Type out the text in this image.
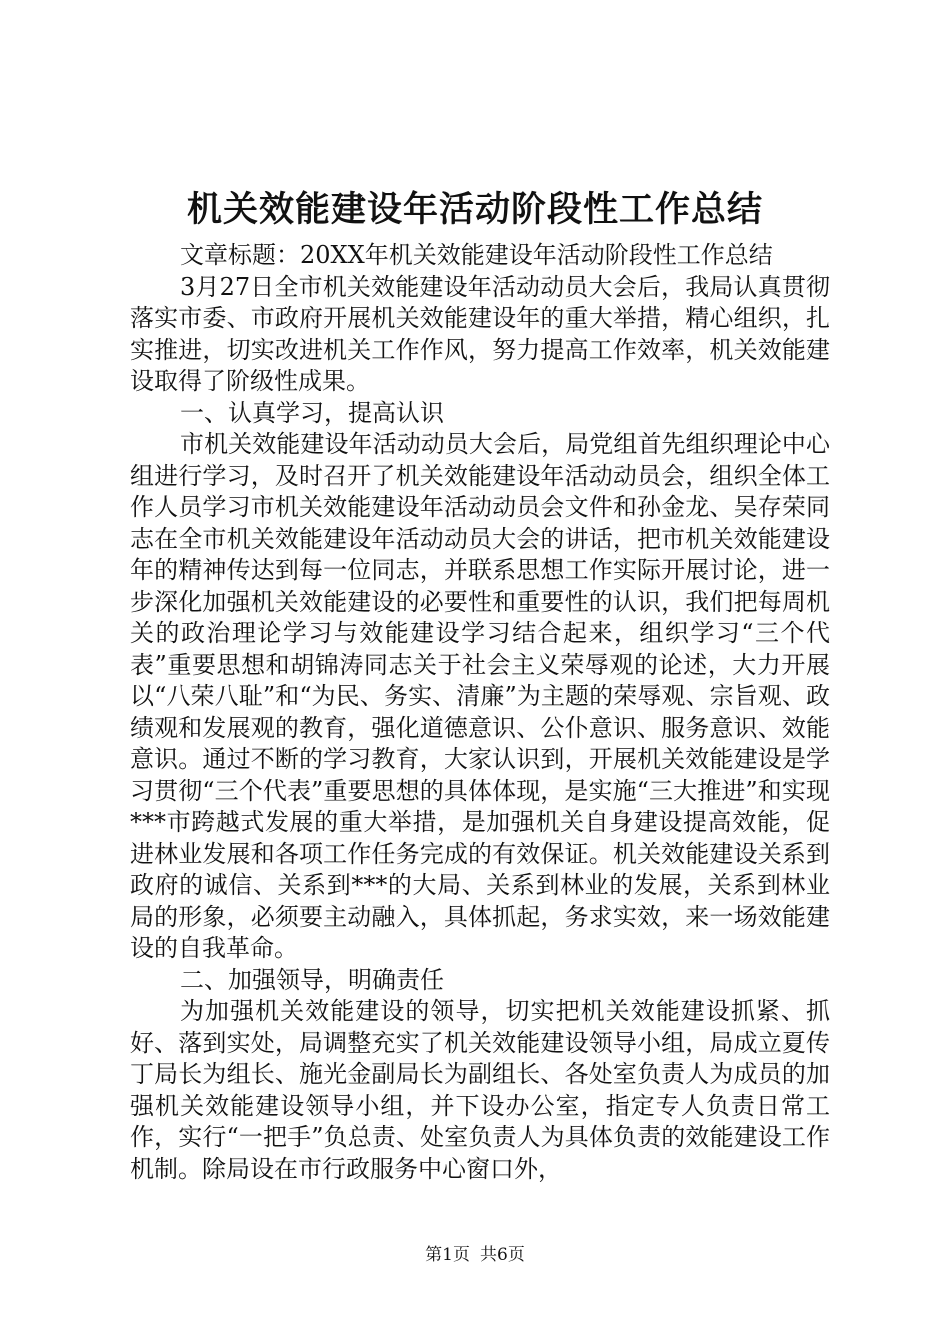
机关效能建设年活动阶段性工作总结

文章标题：20XX年机关效能建设年活动阶段性工作总结

3月27日全市机关效能建设年活动动员大会后，我局认真贯彻落实市委、市政府开展机关效能建设年的重大举措，精心组织，扎实推进，切实改进机关工作作风，努力提高工作效率，机关效能建设取得了阶级性成果。

一、认真学习，提高认识

市机关效能建设年活动动员大会后，局党组首先组织理论中心组进行学习，及时召开了机关效能建设年活动动员会，组织全体工作人员学习市机关效能建设年活动动员会文件和孙金龙、吴存荣同志在全市机关效能建设年活动动员大会的讲话，把市机关效能建设年的精神传达到每一位同志，并联系思想工作实际开展讨论，进一步深化加强机关效能建设的必要性和重要性的认识，我们把每周机关的政治理论学习与效能建设学习结合起来，组织学习“三个代表”重要思想和胡锦涛同志关于社会主义荣辱观的论述，大力开展以“八荣八耻”和“为民、务实、清廉”为主题的荣辱观、宗旨观、政绩观和发展观的教育，强化道德意识、公仆意识、服务意识、效能意识。通过不断的学习教育，大家认识到，开展机关效能建设是学习贯彻“三个代表”重要思想的具体体现，是实施“三大推进”和实现***市跨越式发展的重大举措，是加强机关自身建设提高效能，促进林业发展和各项工作任务完成的有效保证。机关效能建设关系到政府的诚信、关系到***的大局、关系到林业的发展，关系到林业局的形象，必须要主动融入，具体抓起，务求实效，来一场效能建设的自我革命。

二、加强领导，明确责任

为加强机关效能建设的领导，切实把机关效能建设抓紧、抓好、落到实处，局调整充实了机关效能建设领导小组，局成立夏传丁局长为组长、施光金副局长为副组长、各处室负责人为成员的加强机关效能建设领导小组，并下设办公室，指定专人负责日常工作，实行“一把手”负总责、处室负责人为具体负责的效能建设工作机制。除局设在市行政服务中心窗口外，

第1页 共6页
